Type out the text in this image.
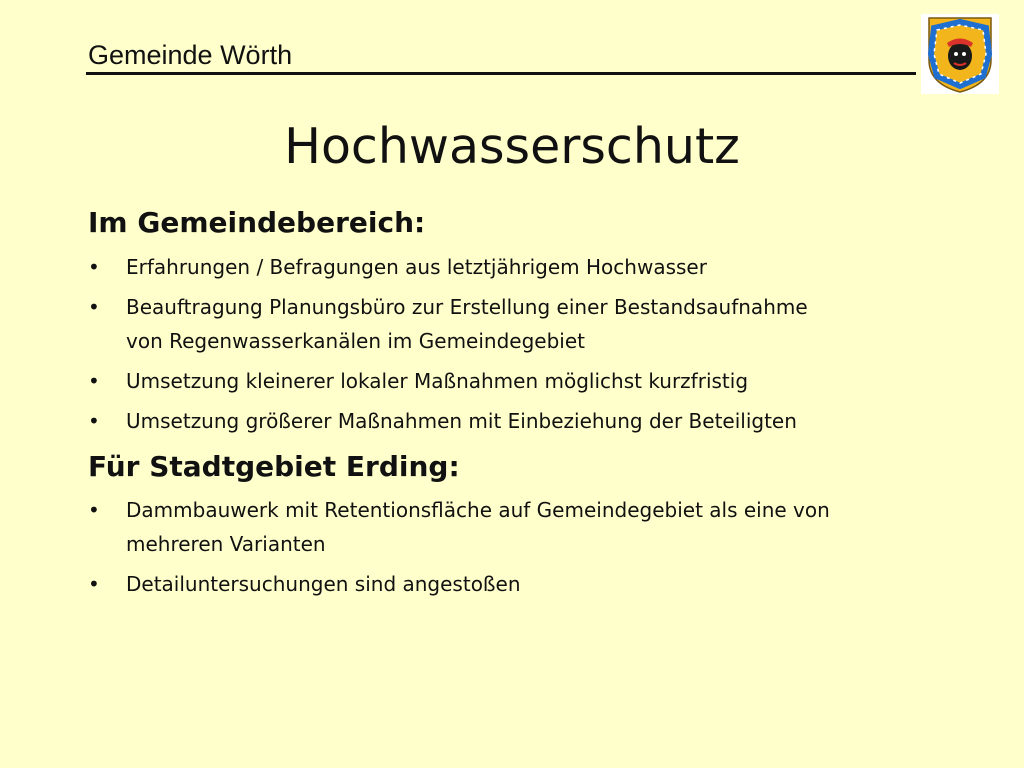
Gemeinde Wörth
Hochwasserschutz
Im Gemeindebereich:
• Erfahrungen / Befragungen aus letztjährigem Hochwasser
• Beauftragung Planungsbüro zur Erstellung einer Bestandsaufnahme von Regenwasserkanälen im Gemeindegebiet
• Umsetzung kleinerer lokaler Maßnahmen möglichst kurzfristig
• Umsetzung größerer Maßnahmen mit Einbeziehung der Beteiligten
Für Stadtgebiet Erding:
• Dammbauwerk mit Retentionsfläche auf Gemeindegebiet als eine von mehreren Varianten
• Detailuntersuchungen sind angestoßen
